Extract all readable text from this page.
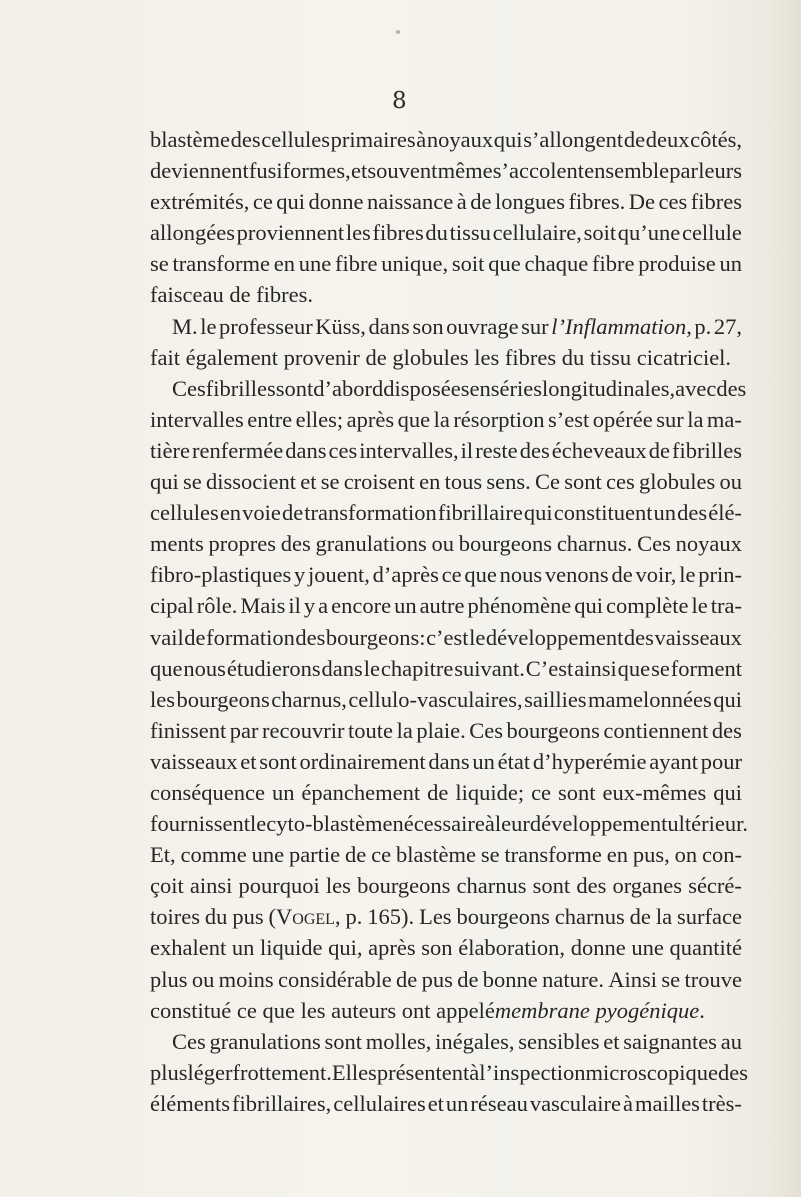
8
blastème des cellules primaires à noyaux qui s’allongent de deux côtés,
deviennent fusiformes, et souvent même s’accolent ensemble par leurs
extrémités, ce qui donne naissance à de longues fibres. De ces fibres
allongées proviennent les fibres du tissu cellulaire, soit qu’une cellule
se transforme en une fibre unique, soit que chaque fibre produise un
faisceau de fibres.
M. le professeur Küss, dans son ouvrage sur l’Inflammation, p. 27,
fait également provenir de globules les fibres du tissu cicatriciel.
Ces fibrilles sont d’abord disposées en séries longitudinales, avec des
intervalles entre elles; après que la résorption s’est opérée sur la ma-
tière renfermée dans ces intervalles, il reste des écheveaux de fibrilles
qui se dissocient et se croisent en tous sens. Ce sont ces globules ou
cellules en voie de transformation fibrillaire qui constituent un des élé-
ments propres des granulations ou bourgeons charnus. Ces noyaux
fibro-plastiques y jouent, d’après ce que nous venons de voir, le prin-
cipal rôle. Mais il y a encore un autre phénomène qui complète le tra-
vail de formation des bourgeons: c’est le développement des vaisseaux
que nous étudierons dans le chapitre suivant. C’est ainsi que se forment
les bourgeons charnus, cellulo-vasculaires, saillies mamelonnées qui
finissent par recouvrir toute la plaie. Ces bourgeons contiennent des
vaisseaux et sont ordinairement dans un état d’hyperémie ayant pour
conséquence un épanchement de liquide; ce sont eux-mêmes qui
fournissent le cyto-blastème nécessaire à leur développement ultérieur.
Et, comme une partie de ce blastème se transforme en pus, on con-
çoit ainsi pourquoi les bourgeons charnus sont des organes sécré-
toires du pus (Vogel, p. 165). Les bourgeons charnus de la surface
exhalent un liquide qui, après son élaboration, donne une quantité
plus ou moins considérable de pus de bonne nature. Ainsi se trouve
constitué ce que les auteurs ont appelé membrane pyogénique .
Ces granulations sont molles, inégales, sensibles et saignantes au
plus léger frottement. Elles présentent à l’inspection microscopique des
éléments fibrillaires, cellulaires et un réseau vasculaire à mailles très-
